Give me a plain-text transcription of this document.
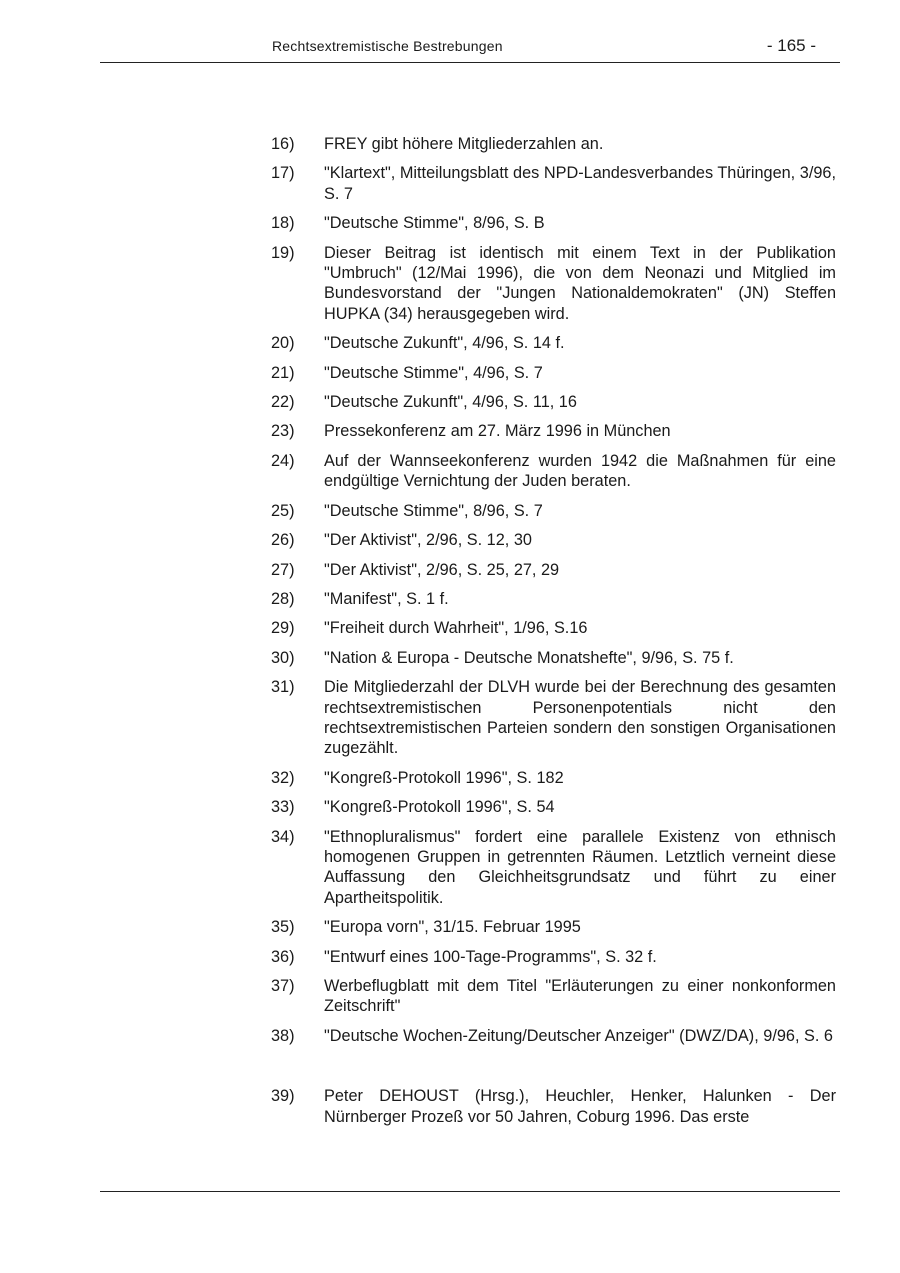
Rechtsextremistische Bestrebungen	- 165 -
16)	FREY gibt höhere Mitgliederzahlen an.
17)	"Klartext", Mitteilungsblatt des NPD-Landesverbandes Thüringen, 3/96, S. 7
18)	"Deutsche Stimme", 8/96, S. B
19)	Dieser Beitrag ist identisch mit einem Text in der Publikation "Umbruch" (12/Mai 1996), die von dem Neonazi und Mitglied im Bundesvorstand der "Jungen Nationaldemokraten" (JN) Steffen HUPKA (34) herausgegeben wird.
20)	"Deutsche Zukunft", 4/96, S. 14 f.
21)	"Deutsche Stimme", 4/96, S. 7
22)	"Deutsche Zukunft", 4/96, S. 11, 16
23)	Pressekonferenz am 27. März 1996 in München
24)	Auf der Wannseekonferenz wurden 1942 die Maßnahmen für eine endgültige Vernichtung der Juden beraten.
25)	"Deutsche Stimme", 8/96, S. 7
26)	"Der Aktivist", 2/96, S. 12, 30
27)	"Der Aktivist", 2/96, S. 25, 27, 29
28)	"Manifest", S. 1 f.
29)	"Freiheit durch Wahrheit", 1/96, S.16
30)	"Nation & Europa - Deutsche Monatshefte", 9/96, S. 75 f.
31)	Die Mitgliederzahl der DLVH wurde bei der Berechnung des gesamten rechtsextremistischen Personenpotentials nicht den rechtsextremistischen Parteien sondern den sonstigen Organisationen zugezählt.
32)	"Kongreß-Protokoll 1996", S. 182
33)	"Kongreß-Protokoll 1996", S. 54
34)	"Ethnopluralismus" fordert eine parallele Existenz von ethnisch homogenen Gruppen in getrennten Räumen. Letztlich verneint diese Auffassung den Gleichheitsgrundsatz und führt zu einer Apartheitspolitik.
35)	"Europa vorn", 31/15. Februar 1995
36)	"Entwurf eines 100-Tage-Programms", S. 32 f.
37)	Werbeflugblatt mit dem Titel "Erläuterungen zu einer nonkonformen Zeitschrift"
38)	"Deutsche Wochen-Zeitung/Deutscher Anzeiger" (DWZ/DA), 9/96, S. 6
39)	Peter DEHOUST (Hrsg.), Heuchler, Henker, Halunken - Der Nürnberger Prozeß vor 50 Jahren, Coburg 1996. Das erste
